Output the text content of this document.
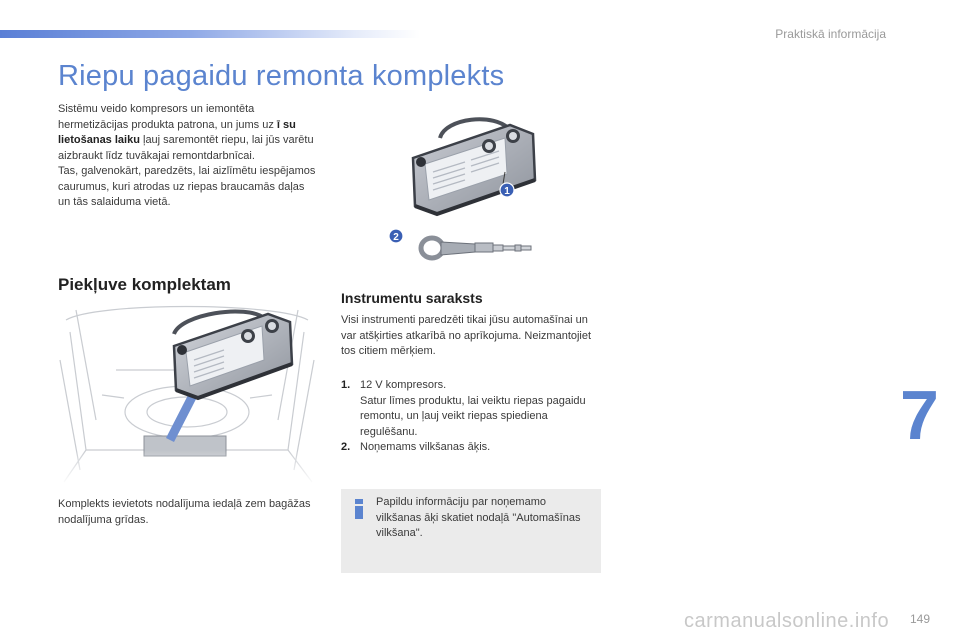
Praktiskā informācija
Riepu pagaidu remonta komplekts
Sistēmu veido kompresors un iemontēta hermetizācijas produkta patrona, un jums uz ī su lietošanas laiku ļauj saremontēt riepu, lai jūs varētu aizbraukt līdz tuvākajai remontdarbnīcai.
Tas, galvenokārt, paredzēts, lai aizlīmētu iespējamos caurumus, kuri atrodas uz riepas braucamās daļas un tās salaiduma vietā.
1
2
Piekļuve komplektam
Komplekts ievietots nodalījuma iedaļā zem bagāžas nodalījuma grīdas.
Instrumentu saraksts
Visi instrumenti paredzēti tikai jūsu automašīnai un var atšķirties atkarībā no aprīkojuma. Neizmantojiet tos citiem mērķiem.
1. 12 V kompresors.
Satur līmes produktu, lai veiktu riepas pagaidu remontu, un ļauj veikt riepas spiediena regulēšanu.
2. Noņemams vilkšanas āķis.
Papildu informāciju par noņemamo vilkšanas āķi skatiet nodaļā "Automašīnas vilkšana".
7
carmanualsonline.info 149
